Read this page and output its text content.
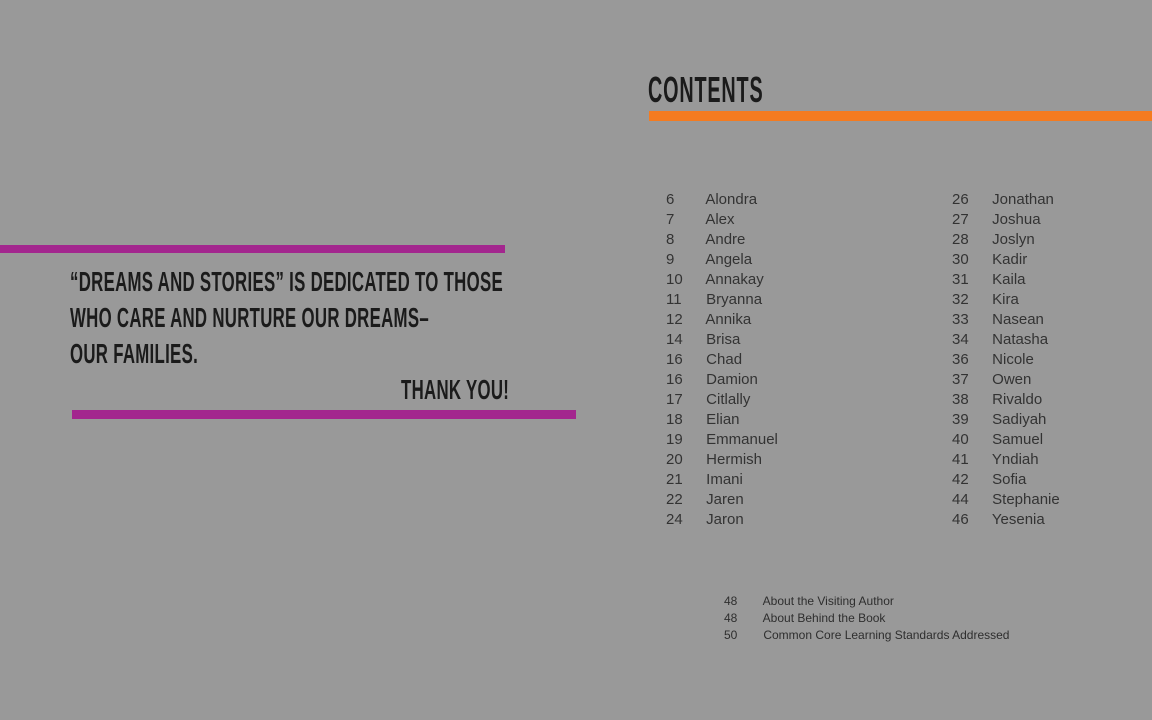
“DREAMS AND STORIES” IS DEDICATED TO THOSE
WHO CARE AND NURTURE OUR DREAMS–
OUR FAMILIES.
THANK YOU!
CONTENTS
6 Alondra
7 Alex
8 Andre
9 Angela
10 Annakay
11 Bryanna
12 Annika
14 Brisa
16 Chad
16 Damion
17 Citlally
18 Elian
19 Emmanuel
20 Hermish
21 Imani
22 Jaren
24 Jaron
26 Jonathan
27 Joshua
28 Joslyn
30 Kadir
31 Kaila
32 Kira
33 Nasean
34 Natasha
36 Nicole
37 Owen
38 Rivaldo
39 Sadiyah
40 Samuel
41 Yndiah
42 Sofia
44 Stephanie
46 Yesenia
48 About the Visiting Author
48 About Behind the Book
50 Common Core Learning Standards Addressed
